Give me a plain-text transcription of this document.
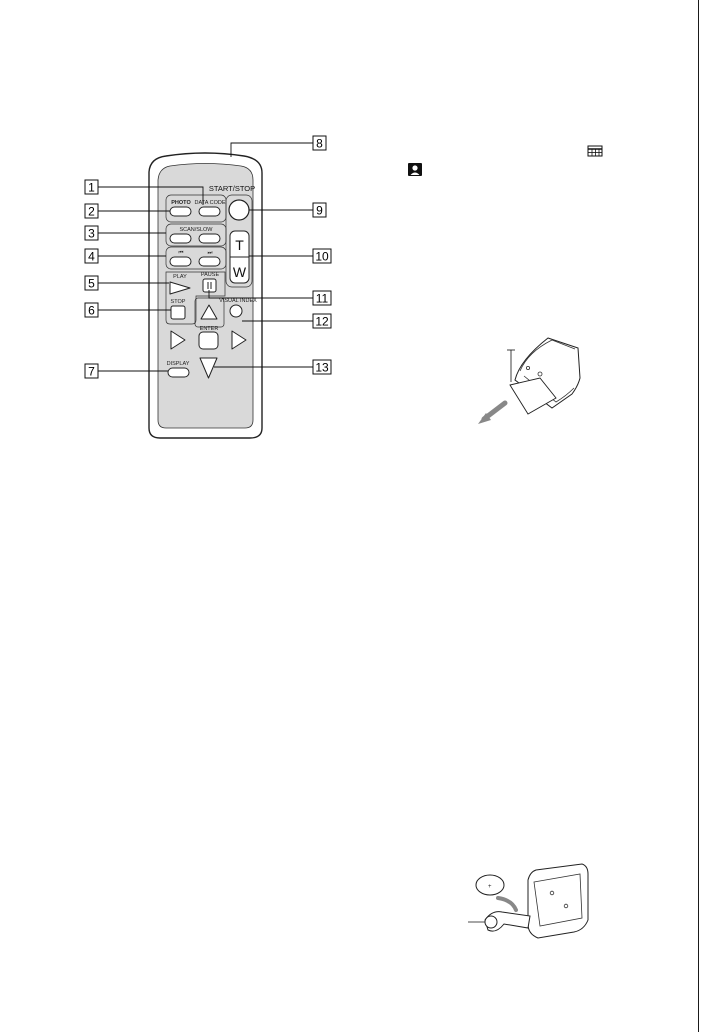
START/STOP
PHOTO DATA CODE
SCAN/SLOW
⏮	⏭
PLAY	PAUSE
STOP
T
W
VISUAL INDEX
ENTER
DISPLAY
1
2
3
4
5
6
7
8
9
10
11
12
13
+
